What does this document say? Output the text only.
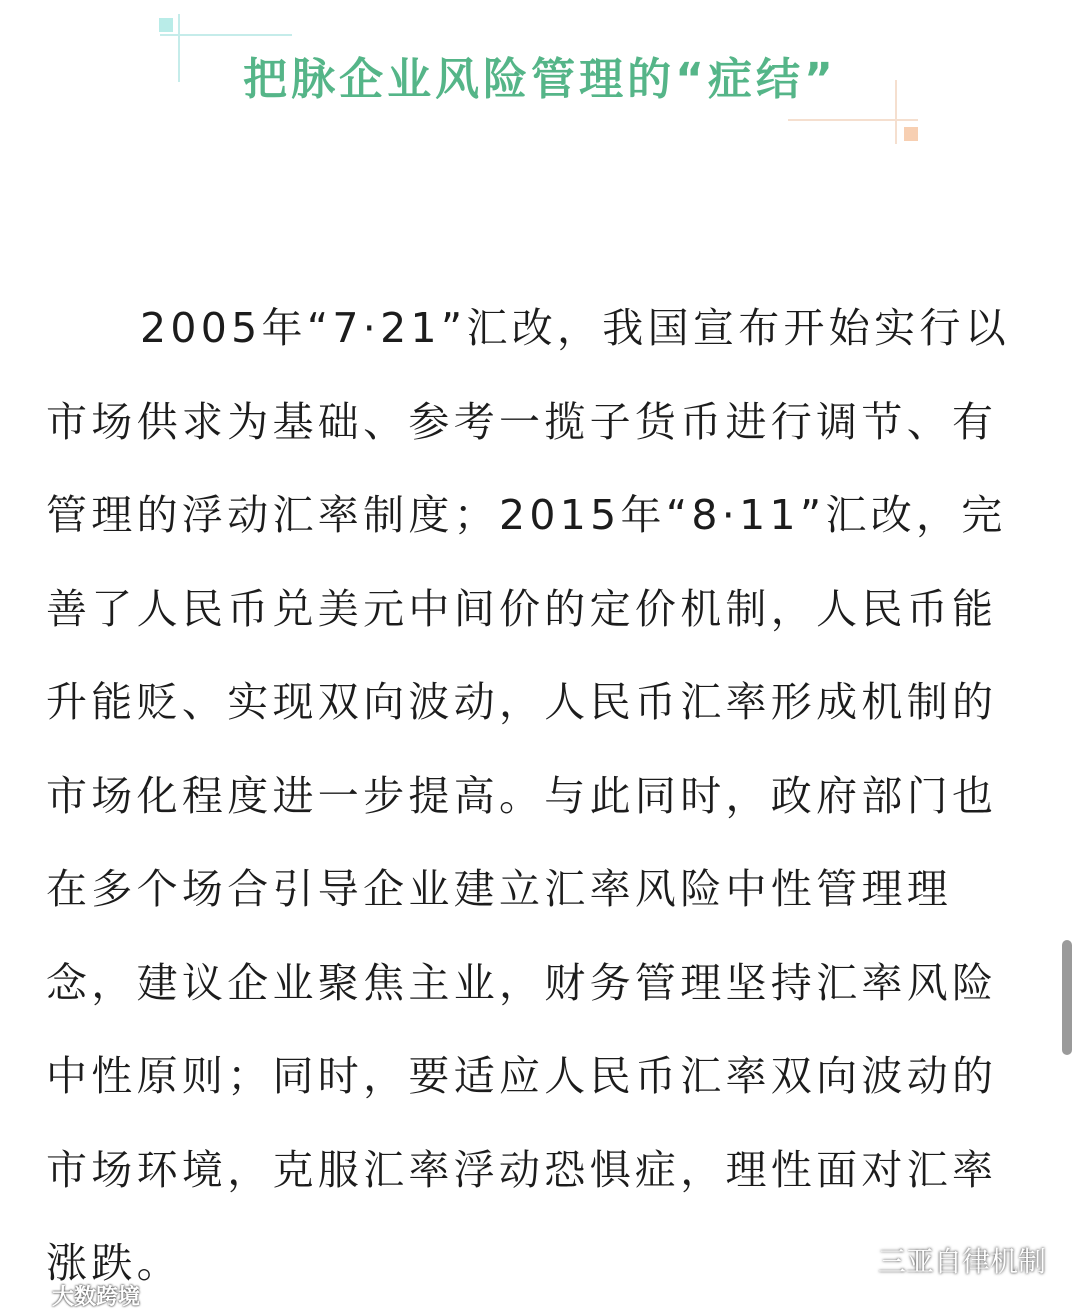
把脉企业风险管理的“症结”

2005年“7·21”汇改，我国宣布开始实行以
市场供求为基础、参考一揽子货币进行调节、有
管理的浮动汇率制度；2015年“8·11”汇改，完
善了人民币兑美元中间价的定价机制，人民币能
升能贬、实现双向波动，人民币汇率形成机制的
市场化程度进一步提高。与此同时，政府部门也
在多个场合引导企业建立汇率风险中性管理理
念，建议企业聚焦主业，财务管理坚持汇率风险
中性原则；同时，要适应人民币汇率双向波动的
市场环境，克服汇率浮动恐惧症，理性面对汇率
涨跌。

大数跨境
三亚自律机制
